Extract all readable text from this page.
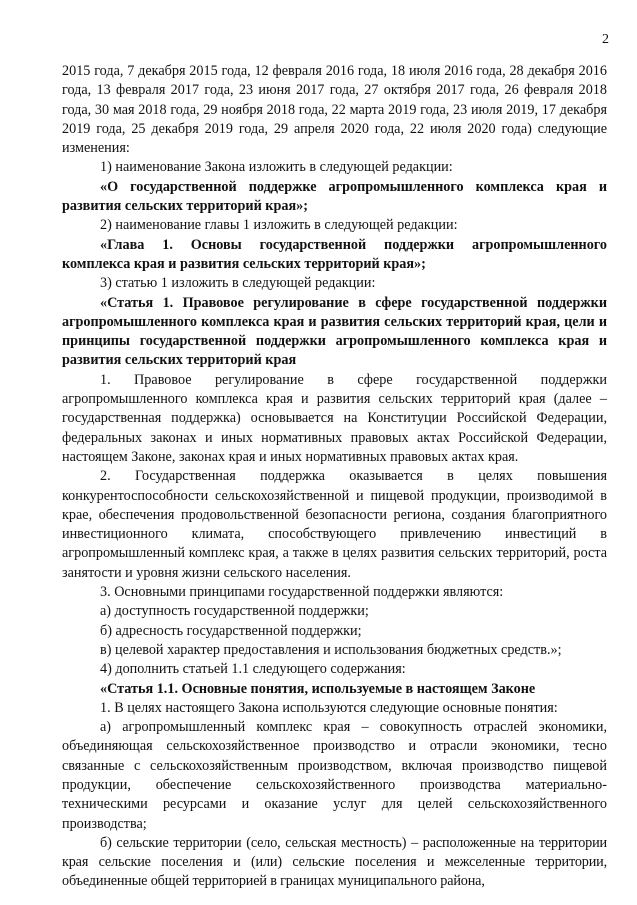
2

2015 года, 7 декабря 2015 года, 12 февраля 2016 года, 18 июля 2016 года, 28 декабря 2016 года, 13 февраля 2017 года, 23 июня 2017 года, 27 октября 2017 года, 26 февраля 2018 года, 30 мая 2018 года, 29 ноября 2018 года, 22 марта 2019 года, 23 июля 2019, 17 декабря 2019 года, 25 декабря 2019 года, 29 апреля 2020 года, 22 июля 2020 года) следующие изменения:

1) наименование Закона изложить в следующей редакции:

«О государственной поддержке агропромышленного комплекса края и развития сельских территорий края»;

2) наименование главы 1 изложить в следующей редакции:

«Глава 1. Основы государственной поддержки агропромышленного комплекса края и развития сельских территорий края»;

3) статью 1 изложить в следующей редакции:

«Статья 1. Правовое регулирование в сфере государственной поддержки агропромышленного комплекса края и развития сельских территорий края, цели и принципы государственной поддержки агропромышленного комплекса края и развития сельских территорий края

1. Правовое регулирование в сфере государственной поддержки агропромышленного комплекса края и развития сельских территорий края (далее – государственная поддержка) основывается на Конституции Российской Федерации, федеральных законах и иных нормативных правовых актах Российской Федерации, настоящем Законе, законах края и иных нормативных правовых актах края.

2. Государственная поддержка оказывается в целях повышения конкурентоспособности сельскохозяйственной и пищевой продукции, производимой в крае, обеспечения продовольственной безопасности региона, создания благоприятного инвестиционного климата, способствующего привлечению инвестиций в агропромышленный комплекс края, а также в целях развития сельских территорий, роста занятости и уровня жизни сельского населения.

3. Основными принципами государственной поддержки являются:

а) доступность государственной поддержки;

б) адресность государственной поддержки;

в) целевой характер предоставления и использования бюджетных средств.»;

4) дополнить статьей 1.1 следующего содержания:

«Статья 1.1. Основные понятия, используемые в настоящем Законе

1. В целях настоящего Закона используются следующие основные понятия:

а) агропромышленный комплекс края – совокупность отраслей экономики, объединяющая сельскохозяйственное производство и отрасли экономики, тесно связанные с сельскохозяйственным производством, включая производство пищевой продукции, обеспечение сельскохозяйственного производства материально-техническими ресурсами и оказание услуг для целей сельскохозяйственного производства;

б) сельские территории (село, сельская местность) – расположенные на территории края сельские поселения и (или) сельские поселения и межселенные территории, объединенные общей территорией в границах муниципального района,
